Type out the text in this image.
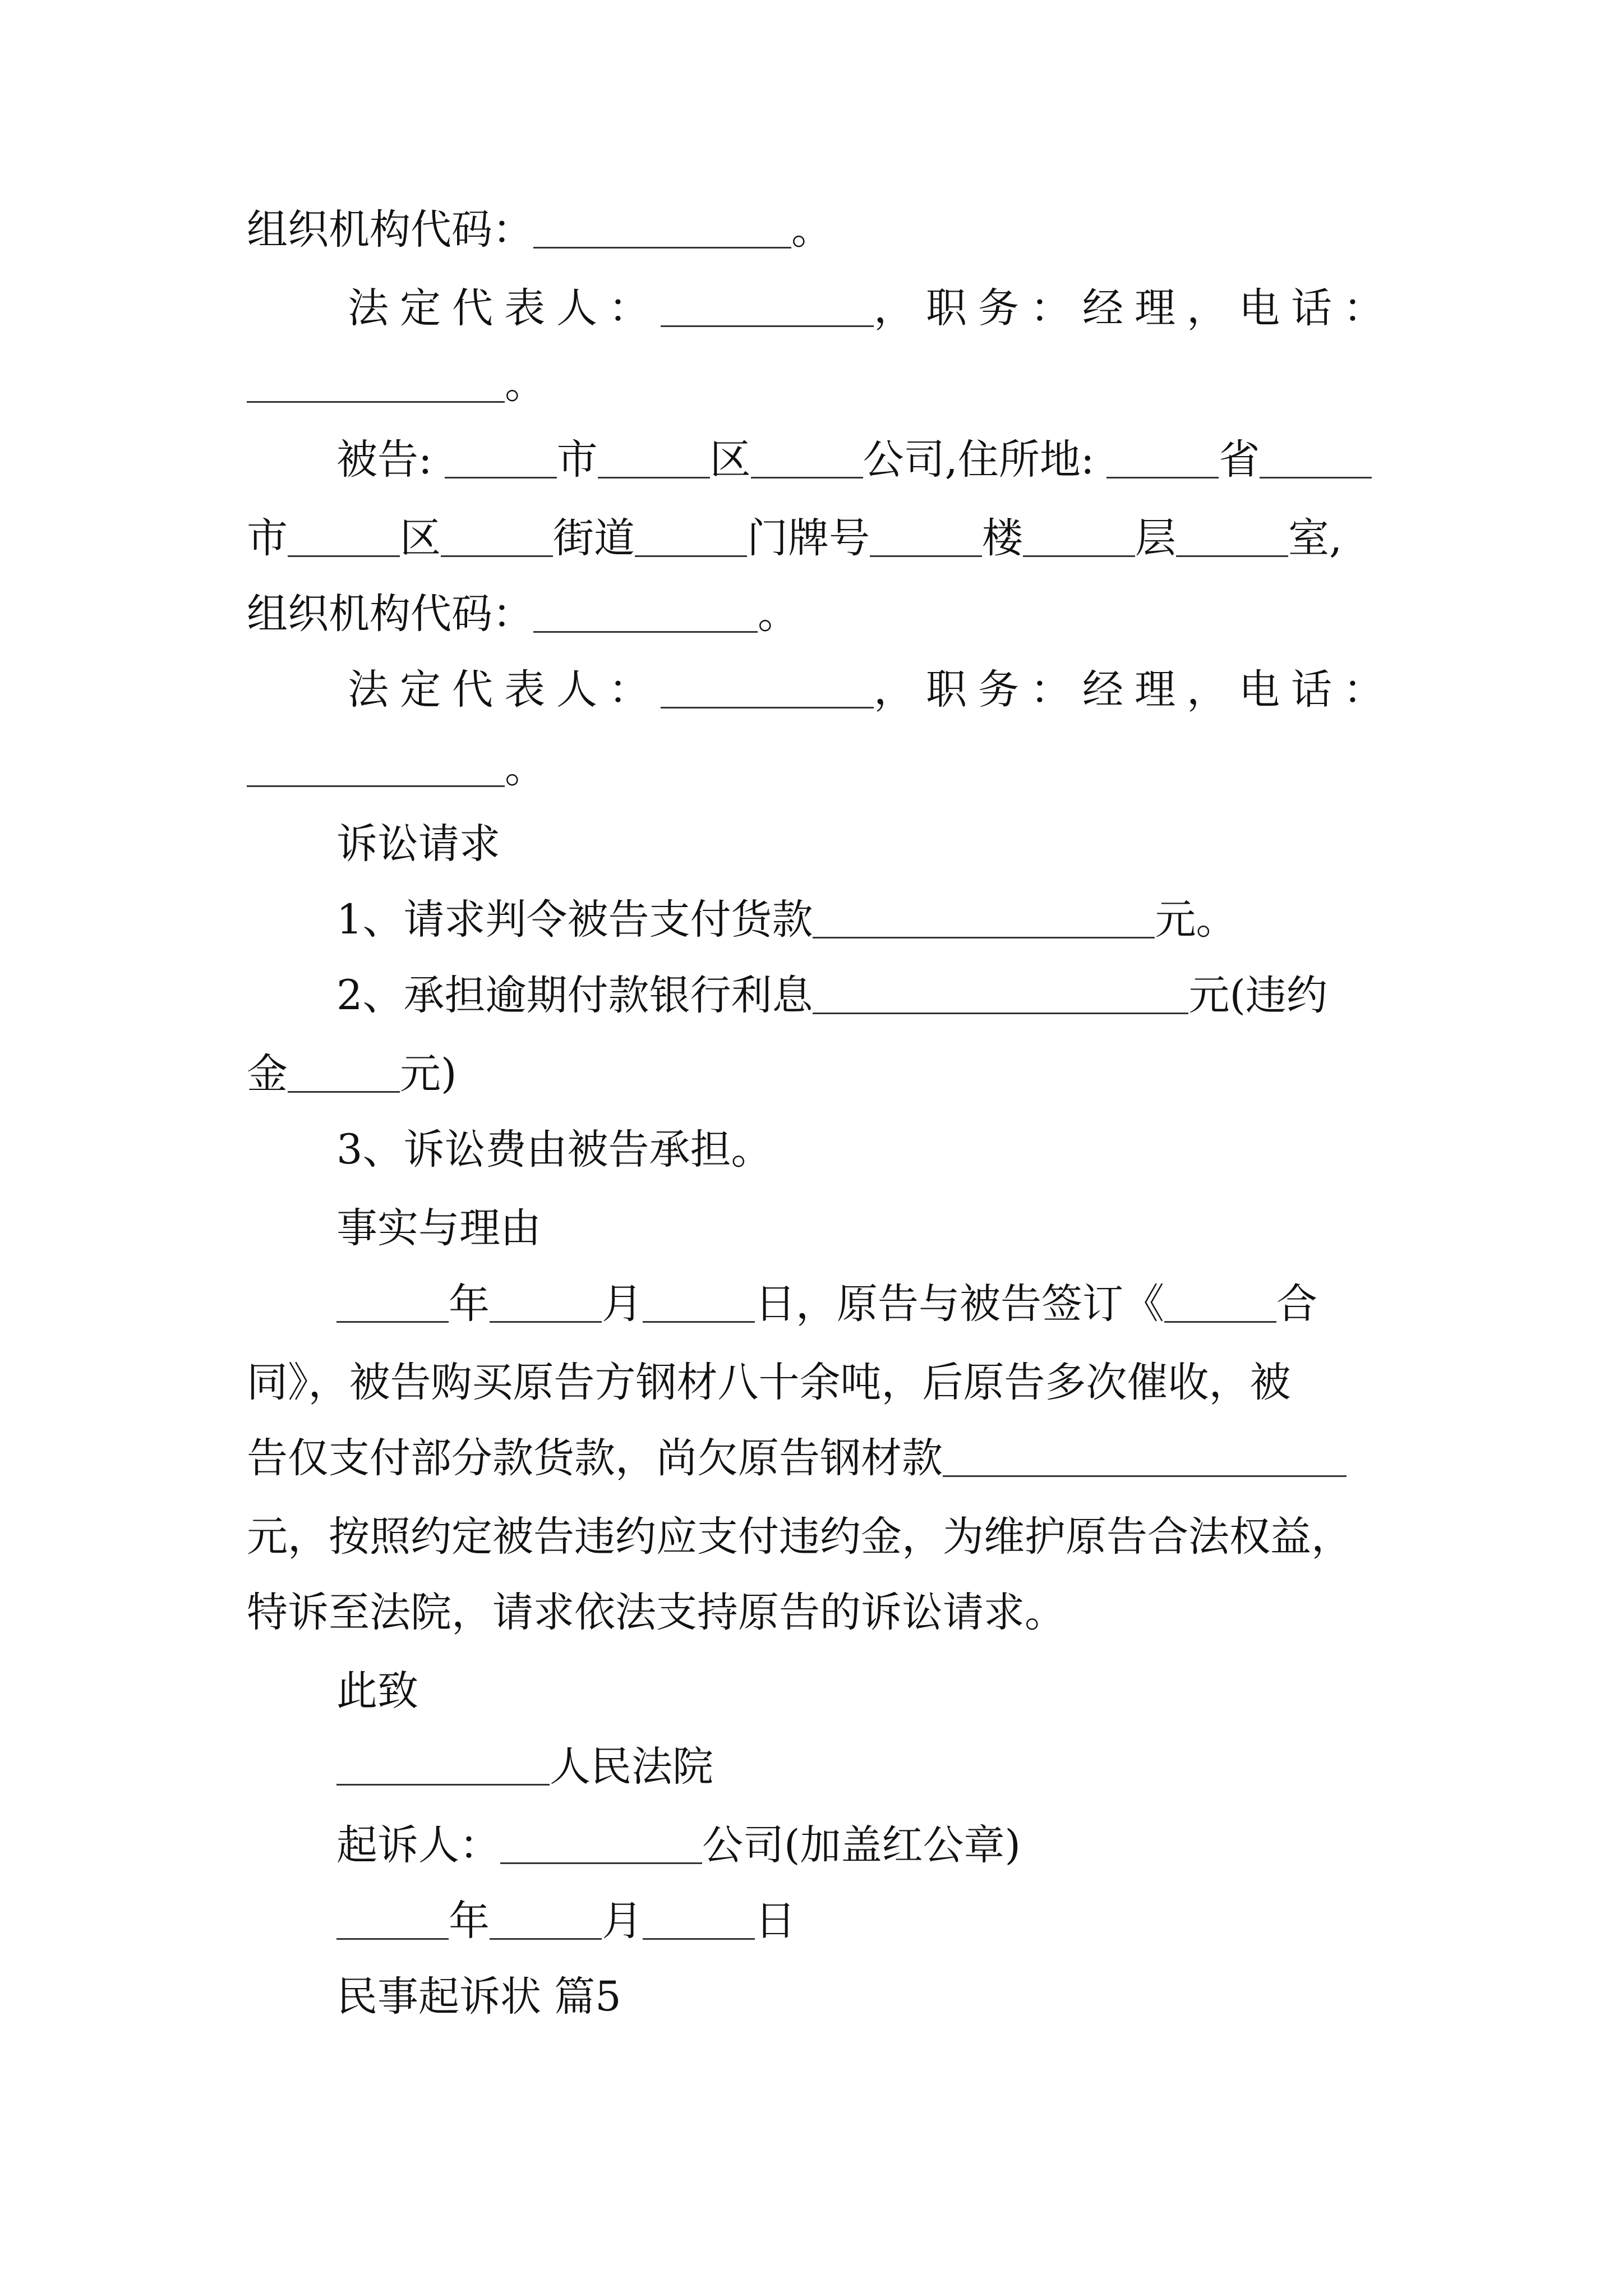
组织机构代码：	。
法定代表人：	，职务：经理，电话：
。
被告:	市	区	公司,住所地:	省
市	区	街道	门牌号	楼	层	室,
组织机构代码：	。
法定代表人：	，职务：经理，电话：
。
诉讼请求
1、请求判令被告支付货款	元。
2、承担逾期付款银行利息	元(违约
金	元)
3、诉讼费由被告承担。
事实与理由
年	月	日，原告与被告签订《	合
同》，被告购买原告方钢材八十余吨，后原告多次催收，被
告仅支付部分款货款，尚欠原告钢材款
元，按照约定被告违约应支付违约金，为维护原告合法权益，
特诉至法院，请求依法支持原告的诉讼请求。
此致
人民法院
起诉人：	公司(加盖红公章)
年	月	日
民事起诉状 篇5
